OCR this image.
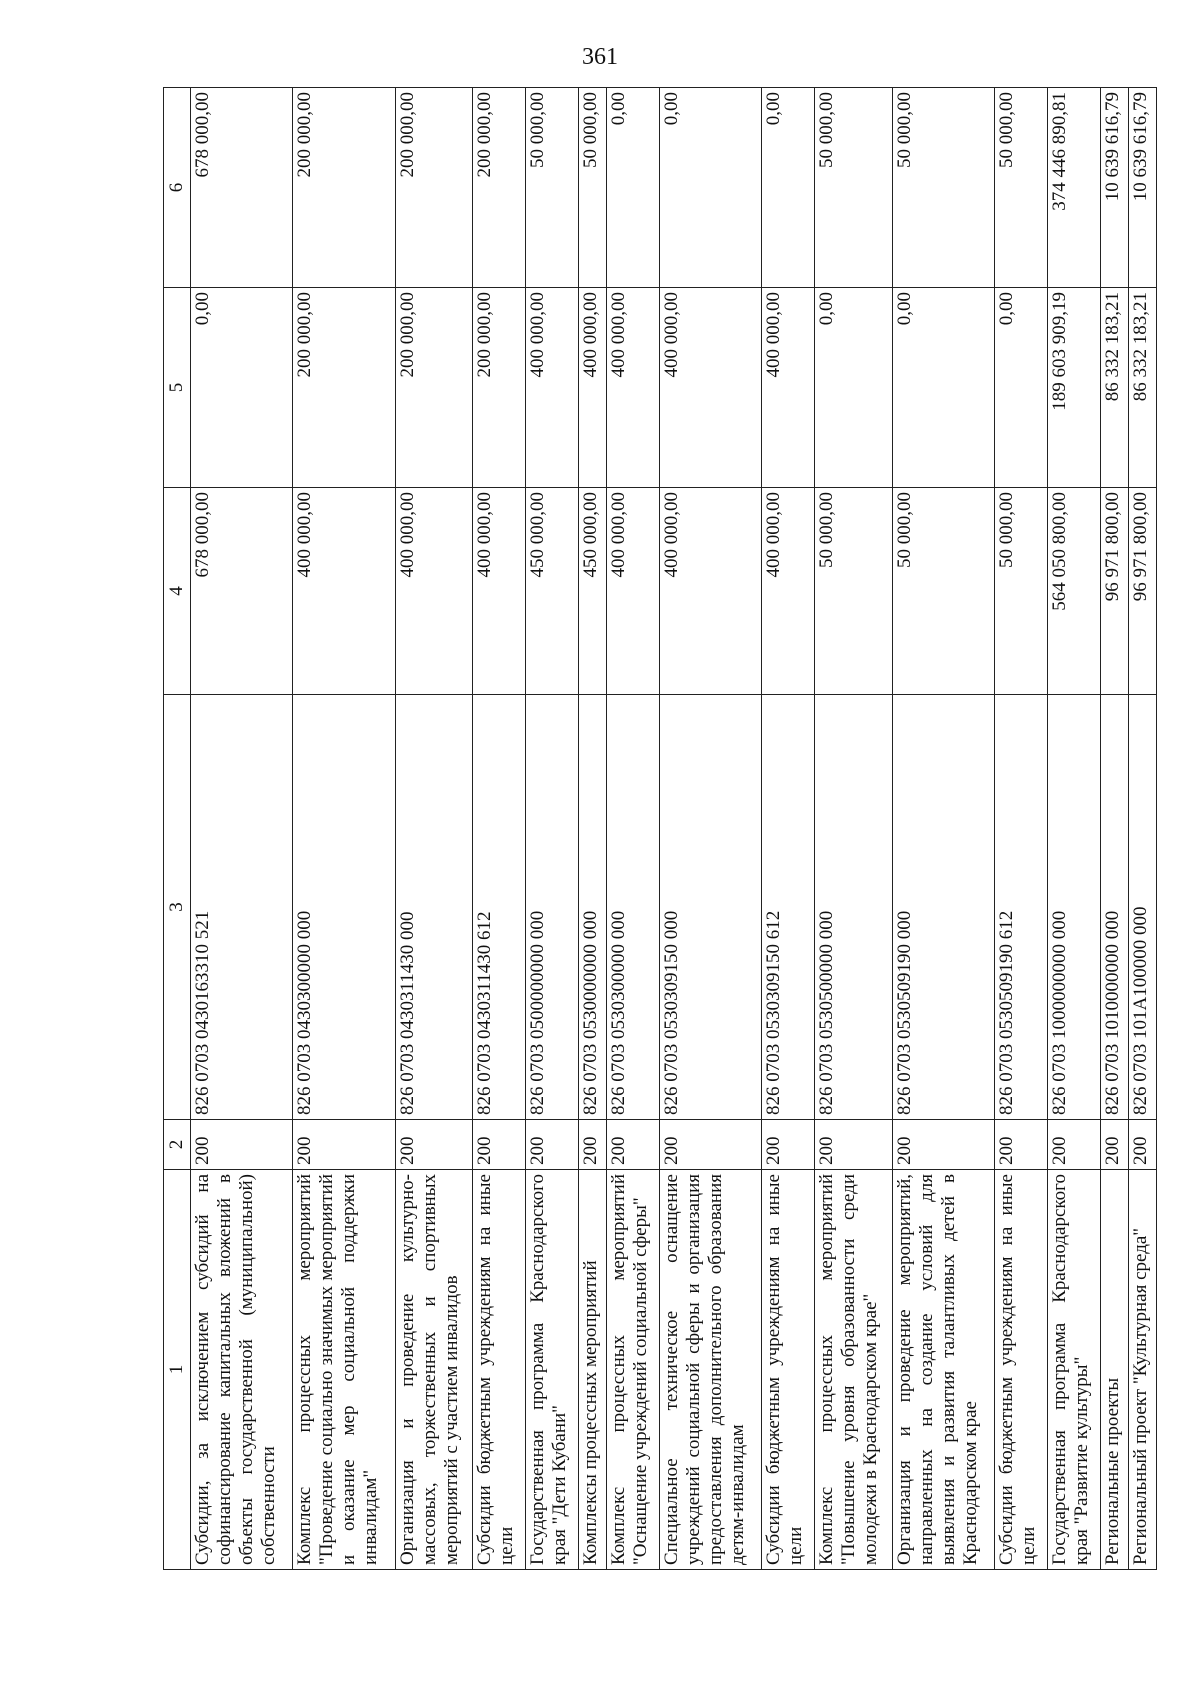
361
1	2	3	4	5	6
Субсидии, за исключением субсидий на софинансирование капитальных вложений в объекты государственной (муниципальной) собственности	200	826 0703 043016З310 521	678 000,00	0,00	678 000,00
Комплекс процессных мероприятий "Проведение социально значимых мероприятий и оказание мер социальной поддержки инвалидам"	200	826 0703 0430300000 000	400 000,00	200 000,00	200 000,00
Организация и проведение культурно-массовых, торжественных и спортивных мероприятий с участием инвалидов	200	826 0703 0430311430 000	400 000,00	200 000,00	200 000,00
Субсидии бюджетным учреждениям на иные цели	200	826 0703 0430311430 612	400 000,00	200 000,00	200 000,00
Государственная программа Краснодарского края "Дети Кубани"	200	826 0703 0500000000 000	450 000,00	400 000,00	50 000,00
Комплексы процессных мероприятий	200	826 0703 0530000000 000	450 000,00	400 000,00	50 000,00
Комплекс процессных мероприятий "Оснащение учреждений социальной сферы"	200	826 0703 0530300000 000	400 000,00	400 000,00	0,00
Специальное техническое оснащение учреждений социальной сферы и организация предоставления дополнительного образования детям-инвалидам	200	826 0703 0530309150 000	400 000,00	400 000,00	0,00
Субсидии бюджетным учреждениям на иные цели	200	826 0703 0530309150 612	400 000,00	400 000,00	0,00
Комплекс процессных мероприятий "Повышение уровня образованности среди молодежи в Краснодарском крае"	200	826 0703 0530500000 000	50 000,00	0,00	50 000,00
Организация и проведение мероприятий, направленных на создание условий для выявления и развития талантливых детей в Краснодарском крае	200	826 0703 0530509190 000	50 000,00	0,00	50 000,00
Субсидии бюджетным учреждениям на иные цели	200	826 0703 0530509190 612	50 000,00	0,00	50 000,00
Государственная программа Краснодарского края "Развитие культуры"	200	826 0703 1000000000 000	564 050 800,00	189 603 909,19	374 446 890,81
Региональные проекты	200	826 0703 1010000000 000	96 971 800,00	86 332 183,21	10 639 616,79
Региональный проект "Культурная среда"	200	826 0703 101А100000 000	96 971 800,00	86 332 183,21	10 639 616,79
